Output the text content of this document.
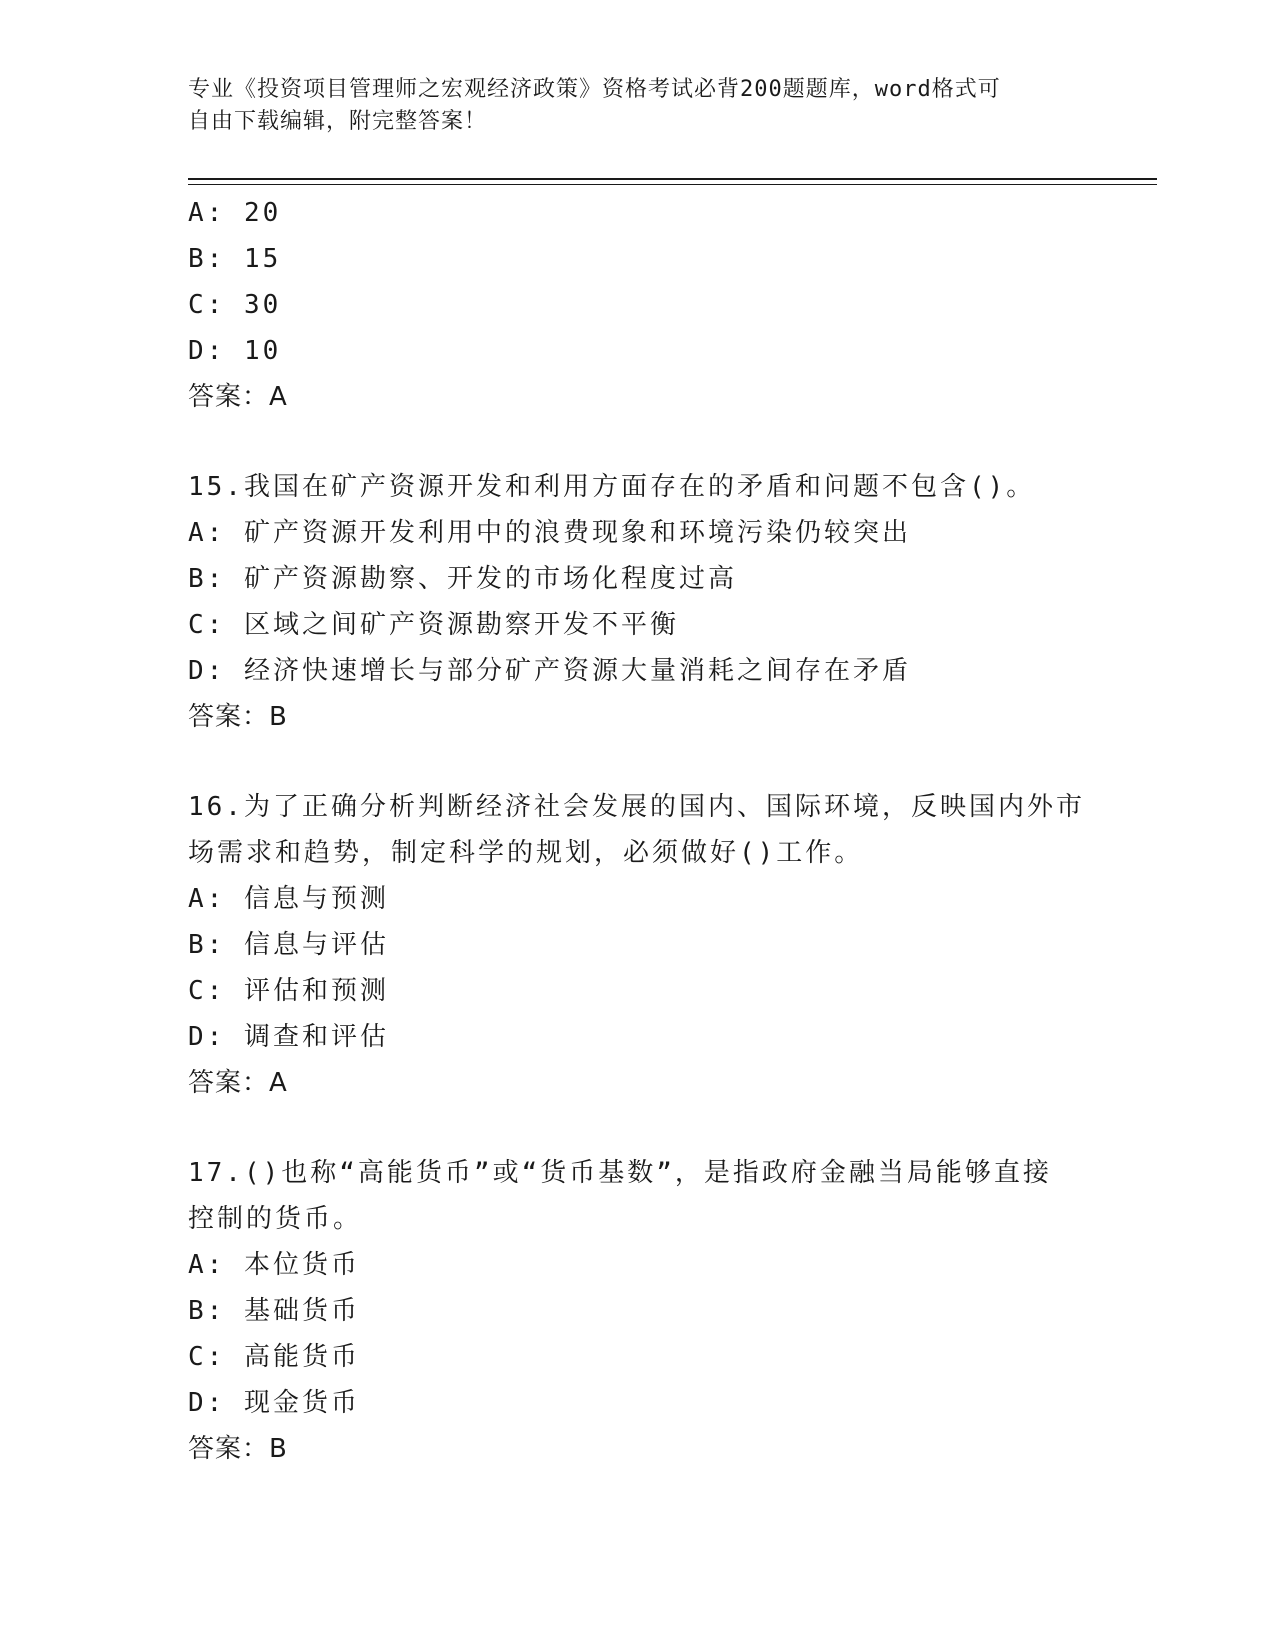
专业《投资项目管理师之宏观经济政策》资格考试必背200题题库，word格式可
自由下载编辑，附完整答案！
A: 20
B: 15
C: 30
D: 10
答案：A
15.我国在矿产资源开发和利用方面存在的矛盾和问题不包含()。
A: 矿产资源开发利用中的浪费现象和环境污染仍较突出
B: 矿产资源勘察、开发的市场化程度过高
C: 区域之间矿产资源勘察开发不平衡
D: 经济快速增长与部分矿产资源大量消耗之间存在矛盾
答案：B
16.为了正确分析判断经济社会发展的国内、国际环境，反映国内外市
场需求和趋势，制定科学的规划，必须做好()工作。
A: 信息与预测
B: 信息与评估
C: 评估和预测
D: 调查和评估
答案：A
17.()也称“高能货币”或“货币基数”，是指政府金融当局能够直接
控制的货币。
A: 本位货币
B: 基础货币
C: 高能货币
D: 现金货币
答案：B
